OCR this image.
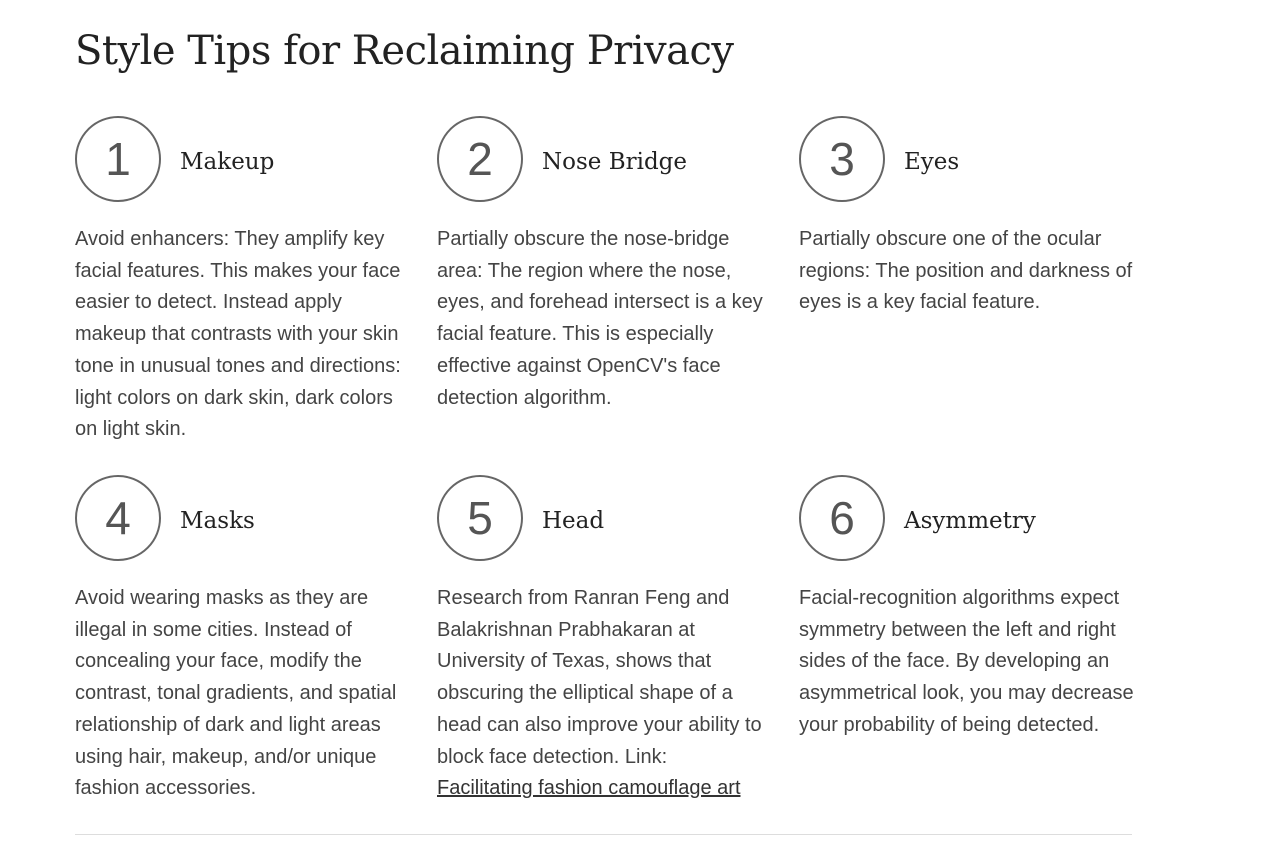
Style Tips for Reclaiming Privacy
1	Makeup

Avoid enhancers: They amplify key facial features. This makes your face easier to detect. Instead apply makeup that contrasts with your skin tone in unusual tones and directions: light colors on dark skin, dark colors on light skin.

2	Nose Bridge

Partially obscure the nose-bridge area: The region where the nose, eyes, and forehead intersect is a key facial feature. This is especially effective against OpenCV's face detection algorithm.

3	Eyes

Partially obscure one of the ocular regions: The position and darkness of eyes is a key facial feature.

4	Masks

Avoid wearing masks as they are illegal in some cities. Instead of concealing your face, modify the contrast, tonal gradients, and spatial relationship of dark and light areas using hair, makeup, and/or unique fashion accessories.

5	Head

Research from Ranran Feng and Balakrishnan Prabhakaran at University of Texas, shows that obscuring the elliptical shape of a head can also improve your ability to block face detection. Link: Facilitating fashion camouflage art

6	Asymmetry

Facial-recognition algorithms expect symmetry between the left and right sides of the face. By developing an asymmetrical look, you may decrease your probability of being detected.
